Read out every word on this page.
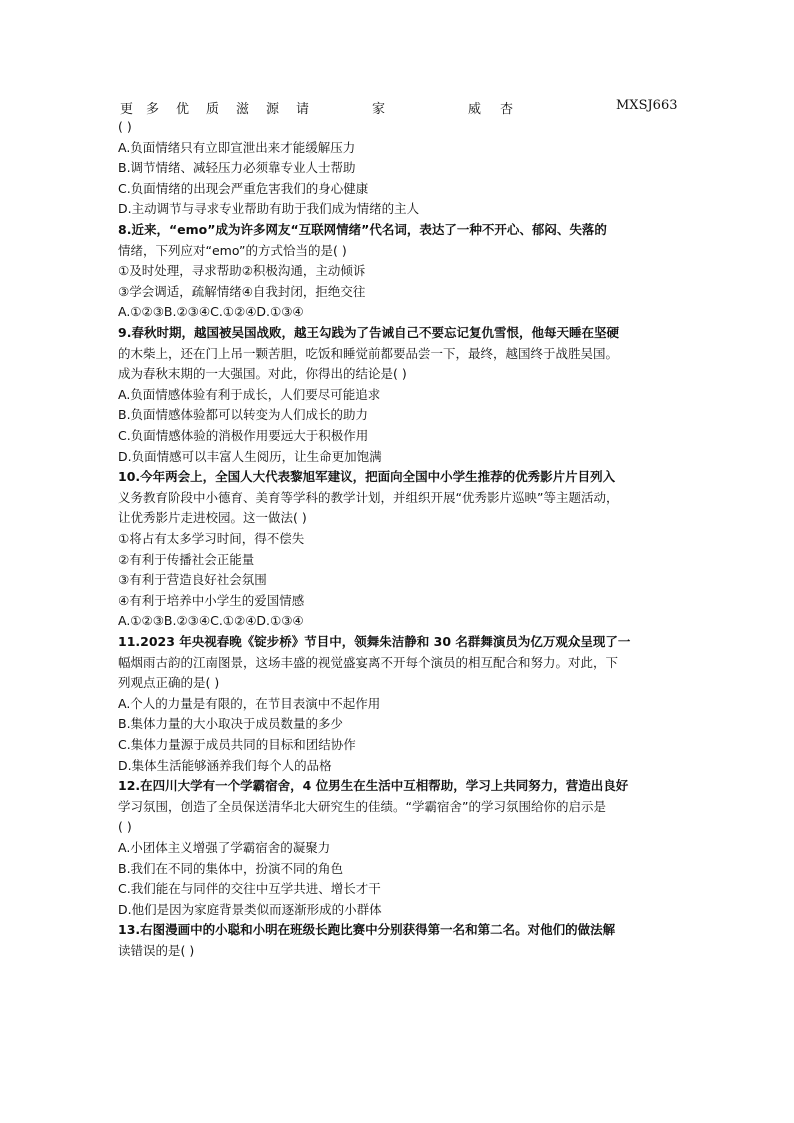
更 多 优 质 滋 源 请	家	威 杏	MXSJ663
( )
A.负面情绪只有立即宣泄出来才能缓解压力
B.调节情绪、减轻压力必须靠专业人士帮助
C.负面情绪的出现会严重危害我们的身心健康
D.主动调节与寻求专业帮助有助于我们成为情绪的主人
8.近来，“emo”成为许多网友“互联网情绪”代名词，表达了一种不开心、郁闷、失落的
情绪，下列应对“emo”的方式恰当的是( )
①及时处理，寻求帮助②积极沟通，主动倾诉
③学会调适，疏解情绪④自我封闭，拒绝交往
A.①②③B.②③④C.①②④D.①③④
9.春秋时期，越国被吴国战败，越王勾践为了告诫自己不要忘记复仇雪恨，他每天睡在坚硬
的木柴上，还在门上吊一颗苦胆，吃饭和睡觉前都要品尝一下，最终，越国终于战胜吴国。
成为春秋末期的一大强国。对此，你得出的结论是( )
A.负面情感体验有利于成长，人们要尽可能追求
B.负面情感体验都可以转变为人们成长的助力
C.负面情感体验的消极作用要远大于积极作用
D.负面情感可以丰富人生阅历，让生命更加饱满
10.今年两会上，全国人大代表黎旭军建议，把面向全国中小学生推荐的优秀影片片目列入
义务教育阶段中小德育、美育等学科的教学计划，并组织开展“优秀影片巡映”等主题活动，
让优秀影片走进校园。这一做法( )
①将占有太多学习时间，得不偿失
②有利于传播社会正能量
③有利于营造良好社会氛围
④有利于培养中小学生的爱国情感
A.①②③B.②③④C.①②④D.①③④
11.2023 年央视春晚《锭步桥》节目中，领舞朱洁静和 30 名群舞演员为亿万观众呈现了一
幅烟雨古韵的江南图景，这场丰盛的视觉盛宴离不开每个演员的相互配合和努力。对此，下
列观点正确的是( )
A.个人的力量是有限的，在节目表演中不起作用
B.集体力量的大小取决于成员数量的多少
C.集体力量源于成员共同的目标和团结协作
D.集体生活能够涵养我们每个人的品格
12.在四川大学有一个学霸宿舍，4 位男生在生活中互相帮助，学习上共同努力，营造出良好
学习氛围，创造了全员保送清华北大研究生的佳绩。“学霸宿舍”的学习氛围给你的启示是
( )
A.小团体主义增强了学霸宿舍的凝聚力
B.我们在不同的集体中，扮演不同的角色
C.我们能在与同伴的交往中互学共进、增长才干
D.他们是因为家庭背景类似而逐渐形成的小群体
13.右图漫画中的小聪和小明在班级长跑比赛中分别获得第一名和第二名。对他们的做法解
读错误的是( )
